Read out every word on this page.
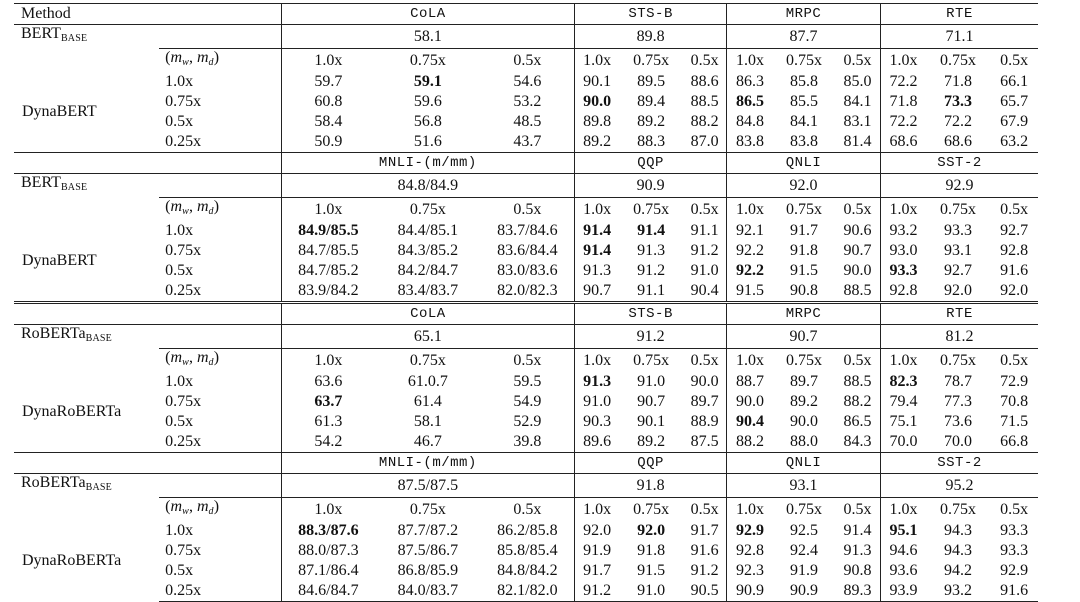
Method		CoLA			STS-B			MRPC			RTE		
$BERT_{BASE}$		58.1			89.8			87.7			71.1		
	($m_w$, $m_d$)	1.0x	0.75x	0.5x	1.0x	0.75x	0.5x	1.0x	0.75x	0.5x	1.0x	0.75x	0.5x
DynaBERT	1.0x	59.7	59.1	54.6	90.1	89.5	88.6	86.3	85.8	85.0	72.2	71.8	66.1
	0.75x	60.8	59.6	53.2	90.0	89.4	88.5	86.5	85.5	84.1	71.8	73.3	65.7
	0.5x	58.4	56.8	48.5	89.8	89.2	88.2	84.8	84.1	83.1	72.2	72.2	67.9
	0.25x	50.9	51.6	43.7	89.2	88.3	87.0	83.8	83.8	81.4	68.6	68.6	63.2
		MNLI-(m/mm)			QQP			QNLI			SST-2		
$BERT_{BASE}$		84.8/84.9			90.9			92.0			92.9		
	($m_w$, $m_d$)	1.0x	0.75x	0.5x	1.0x	0.75x	0.5x	1.0x	0.75x	0.5x	1.0x	0.75x	0.5x
DynaBERT	1.0x	84.9/85.5	84.4/85.1	83.7/84.6	91.4	91.4	91.1	92.1	91.7	90.6	93.2	93.3	92.7
	0.75x	84.7/85.5	84.3/85.2	83.6/84.4	91.4	91.3	91.2	92.2	91.8	90.7	93.0	93.1	92.8
	0.5x	84.7/85.2	84.2/84.7	83.0/83.6	91.3	91.2	91.0	92.2	91.5	90.0	93.3	92.7	91.6
	0.25x	83.9/84.2	83.4/83.7	82.0/82.3	90.7	91.1	90.4	91.5	90.8	88.5	92.8	92.0	92.0
		CoLA			STS-B			MRPC			RTE		
RoBERTa$_{BASE}$		65.1			91.2			90.7			81.2		
	($m_w$, $m_d$)	1.0x	0.75x	0.5x	1.0x	0.75x	0.5x	1.0x	0.75x	0.5x	1.0x	0.75x	0.5x
DynaRoBERTa	1.0x	63.6	61.0.7	59.5	91.3	91.0	90.0	88.7	89.7	88.5	82.3	78.7	72.9
	0.75x	63.7	61.4	54.9	91.0	90.7	89.7	90.0	89.2	88.2	79.4	77.3	70.8
	0.5x	61.3	58.1	52.9	90.3	90.1	88.9	90.4	90.0	86.5	75.1	73.6	71.5
	0.25x	54.2	46.7	39.8	89.6	89.2	87.5	88.2	88.0	84.3	70.0	70.0	66.8
		MNLI-(m/mm)			QQP			QNLI			SST-2		
RoBERTa$_{BASE}$		87.5/87.5			91.8			93.1			95.2		
	($m_w$, $m_d$)	1.0x	0.75x	0.5x	1.0x	0.75x	0.5x	1.0x	0.75x	0.5x	1.0x	0.75x	0.5x
DynaRoBERTa	1.0x	88.3/87.6	87.7/87.2	86.2/85.8	92.0	92.0	91.7	92.9	92.5	91.4	95.1	94.3	93.3
	0.75x	88.0/87.3	87.5/86.7	85.8/85.4	91.9	91.8	91.6	92.8	92.4	91.3	94.6	94.3	93.3
	0.5x	87.1/86.4	86.8/85.9	84.8/84.2	91.7	91.5	91.2	92.3	91.9	90.8	93.6	94.2	92.9
	0.25x	84.6/84.7	84.0/83.7	82.1/82.0	91.2	91.0	90.5	90.9	90.9	89.3	93.9	93.2	91.6
